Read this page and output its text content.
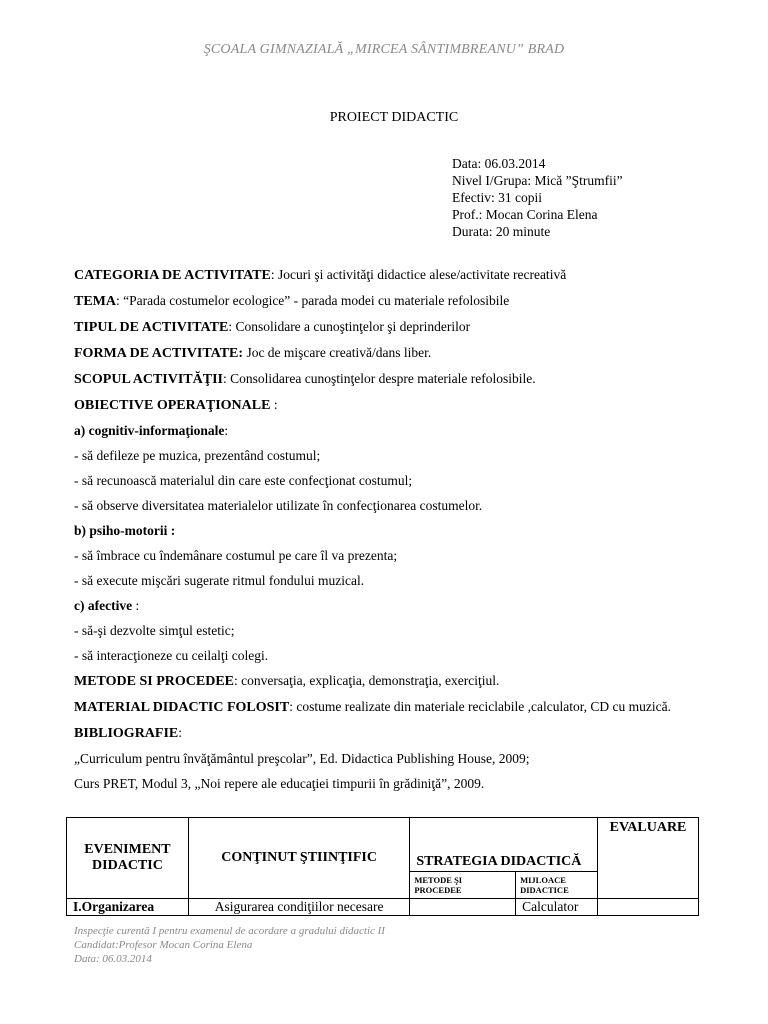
ŞCOALA GIMNAZIALĂ „MIRCEA SÂNTIMBREANU” BRAD
PROIECT DIDACTIC
Data: 06.03.2014
Nivel I/Grupa: Mică ”Ştrumfii”
Efectiv: 31 copii
Prof.: Mocan Corina Elena
Durata: 20 minute

CATEGORIA DE ACTIVITATE: Jocuri şi activităţi didactice alese/activitate recreativă

TEMA: “Parada costumelor ecologice” - parada modei cu materiale refolosibile

TIPUL DE ACTIVITATE: Consolidare a cunoştinţelor şi deprinderilor

FORMA DE ACTIVITATE: Joc de mişcare creativă/dans liber.

SCOPUL ACTIVITĂŢII: Consolidarea cunoştinţelor despre materiale refolosibile.

OBIECTIVE OPERAŢIONALE :

a) cognitiv-informaţionale:

- să defileze pe muzica, prezentând costumul;

- să recunoască materialul din care este confecţionat costumul;

- să observe diversitatea materialelor utilizate în confecţionarea costumelor.

b) psiho-motorii :

- să îmbrace cu îndemânare costumul pe care îl va prezenta;

- să execute mişcări sugerate ritmul fondului muzical.

c) afective :

- să-şi dezvolte simţul estetic;

- să interacţioneze cu ceilalţi colegi.

METODE SI PROCEDEE: conversaţia, explicaţia, demonstraţia, exerciţiul.

MATERIAL DIDACTIC FOLOSIT: costume realizate din materiale reciclabile ,calculator, CD cu muzică.

BIBLIOGRAFIE:

„Curriculum pentru învăţământul preşcolar”, Ed. Didactica Publishing House, 2009;

Curs PRET, Modul 3, „Noi repere ale educaţiei timpurii în grădiniţă”, 2009.

EVENIMENT DIDACTIC	CONŢINUT ŞTIINŢIFIC	STRATEGIA DIDACTICĂ		EVALUARE
		METODE ŞI PROCEDEE	MIJLOACE DIDACTICE	
I.Organizarea	Asigurarea condiţiilor necesare		Calculator	
Inspecţie curentă I pentru examenul de acordare a gradului didactic II
Candidat:Profesor Mocan Corina Elena
Data: 06.03.2014
